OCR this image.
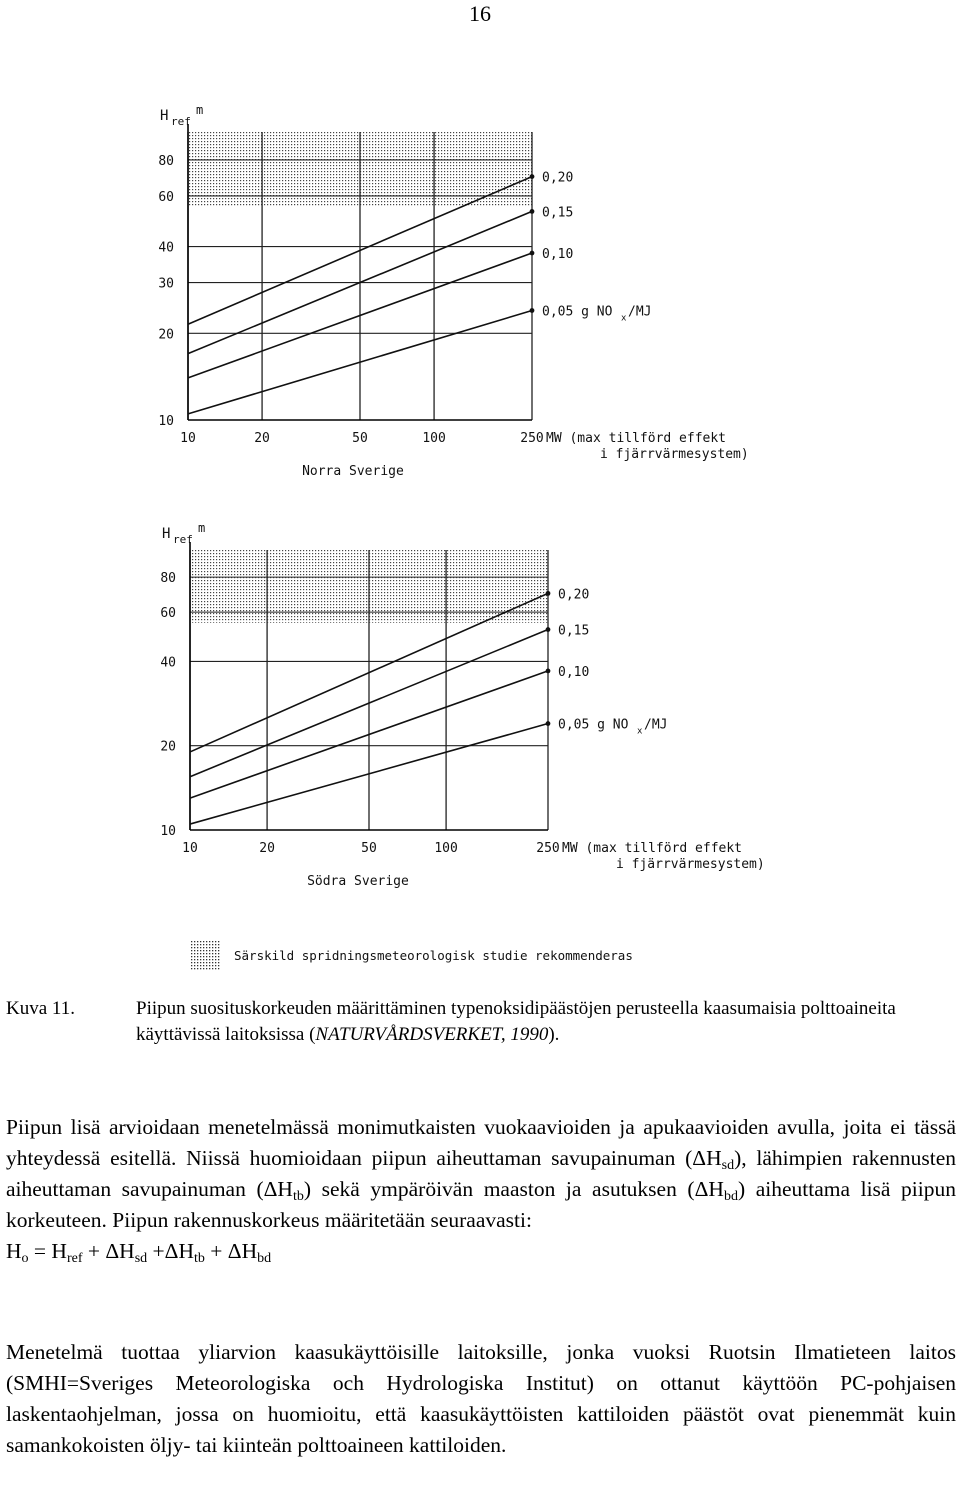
16
10	20	50	100	250
10
20
30
40
60
80
H ref
m
MW (max tillförd effekt
i fjärrvärmesystem)
Norra Sverige
0,20
0,15
0,10
0,05 g NO x /MJ
10	20	50	100	250
10
20
40
60
80
H ref
m
MW (max tillförd effekt
i fjärrvärmesystem)
Södra Sverige
0,20
0,15
0,10
0,05 g NO x /MJ
Särskild spridningsmeteorologisk studie rekommenderas
Kuva 11.	Piipun suosituskorkeuden määrittäminen typenoksidipäästöjen perusteella kaasumaisia polttoaineita käyttävissä laitoksissa (NATURVÅRDSVERKET, 1990).
Piipun lisä arvioidaan menetelmässä monimutkaisten vuokaavioiden ja apukaavioiden avulla, joita ei tässä yhteydessä esitellä. Niissä huomioidaan piipun aiheuttaman savupainuman $(\Delta H_{sd})$, lähimpien rakennusten aiheuttaman savupainuman $(\Delta H_{tb})$ sekä ympäröivän maaston ja asutuksen $(\Delta H_{bd})$ aiheuttama lisä piipun korkeuteen. Piipun rakennuskorkeus määritetään seuraavasti:
$H_o = H_{ref} + \Delta H_{sd} +\Delta H_{tb} + \Delta H_{bd}$
Menetelmä tuottaa yliarvion kaasukäyttöisille laitoksille, jonka vuoksi Ruotsin Ilmatieteen laitos (SMHI=Sveriges Meteorologiska och Hydrologiska Institut) on ottanut käyttöön PC-pohjaisen laskentaohjelman, jossa on huomioitu, että kaasukäyttöisten kattiloiden päästöt ovat pienemmät kuin samankokoisten öljy- tai kiinteän polttoaineen kattiloiden.
